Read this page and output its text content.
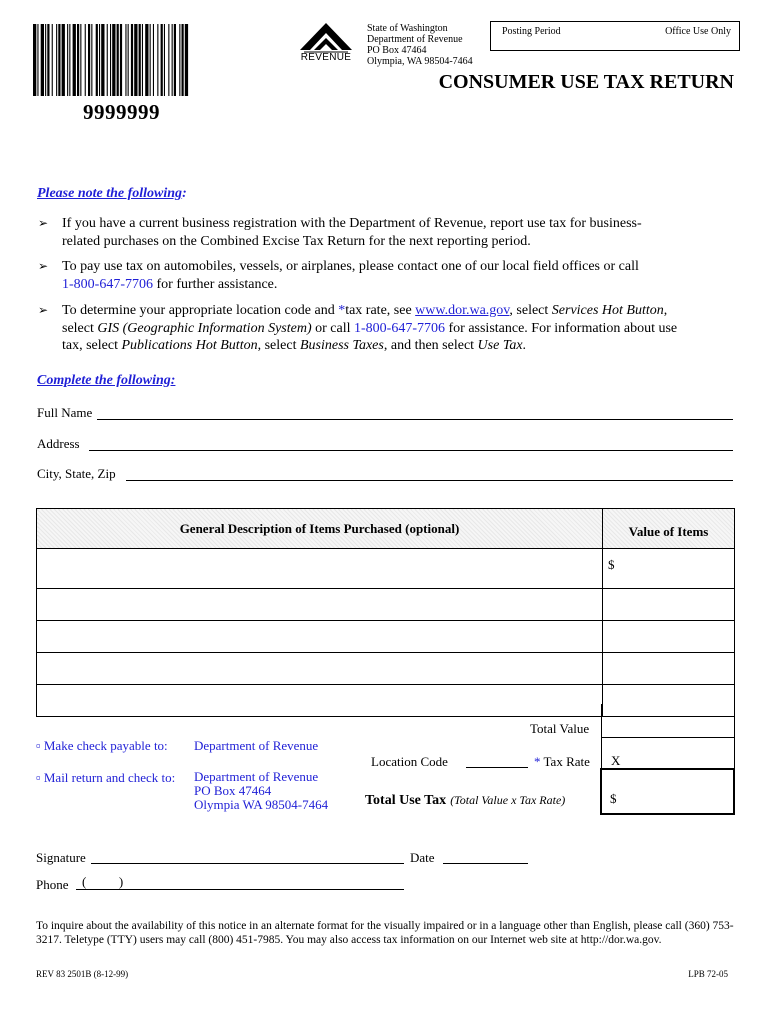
9999999
REVENUE
State of Washington
Department of Revenue
PO Box 47464
Olympia, WA 98504-7464
Posting Period	Office Use Only
CONSUMER USE TAX RETURN
Please note the following:
➢ If you have a current business registration with the Department of Revenue, report use tax for business-
related purchases on the Combined Excise Tax Return for the next reporting period.
➢ To pay use tax on automobiles, vessels, or airplanes, please contact one of our local field offices or call
1-800-647-7706 for further assistance.
➢ To determine your appropriate location code and *tax rate, see www.dor.wa.gov, select Services Hot Button,
select GIS (Geographic Information System) or call 1-800-647-7706 for assistance. For information about use
tax, select Publications Hot Button, select Business Taxes, and then select Use Tax.
Complete the following:
Full Name
Address
City, State, Zip
General Description of Items Purchased (optional)	Value of Items
	$

Total Value
▫ Make check payable to: Department of Revenue
▫ Mail return and check to: Department of Revenue
PO Box 47464
Olympia WA 98504-7464
Location Code	* Tax Rate X
Total Use Tax (Total Value x Tax Rate)	$
Signature	Date
Phone (          )
To inquire about the availability of this notice in an alternate format for the visually impaired or in a language other than English, please call (360) 753-3217. Teletype (TTY) users may call (800) 451-7985. You may also access tax information on our Internet web site at http://dor.wa.gov.
REV 83 2501B (8-12-99)	LPB 72-05
